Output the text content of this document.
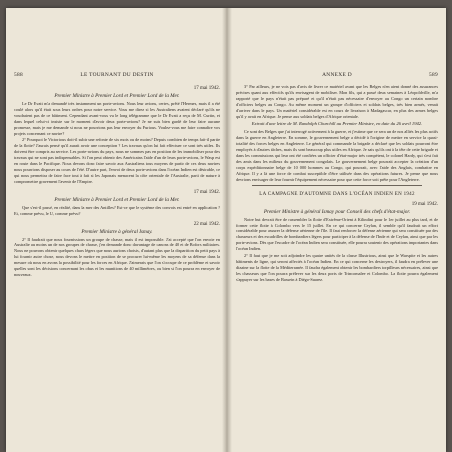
588	LE TOURNANT DU DESTIN

17 mai 1942.

Premier Ministre à Premier Lord et Premier Lord de la Mer.

Le Dr Evatt m'a demandé très instamment un porte-avions. Nous leur avions, certes, prêté l'Hermes, mais il a été coulé alors qu'il était sous leurs ordres pour notre service. Vous me direz si les Australiens avaient déclaré qu'ils ne voudraient pas de ce bâtiment. Cependant avant-vous vu le long télégramme que le Dr Evatt a reçu de M. Curtin, et dans lequel celui-ci insiste sur le moment d'avoir deux porte-avions? Je ne suis bien gardé de leur faire aucune promesse, mais je me demande si nous ne pourrions pas leur envoyer du Furious. Voulez-vous me faire connaître vos projets concernant ce navire?

2° Pourquoi le Victorious doit-il subir une refonte de six mois ou de moins? Depuis combien de temps fait-il partie de la flotte? J'aurais pensé qu'il aurait avoir une conception ? Les travaux qu'on lui fait effectuer ce sont très utiles. Ils doivent être compris au service. Les porte-avions du pays, nous ne sommes pas en position de les immobiliser pour des travaux qui ne sont pas indispensables. Si l'on peut obtenir des Américains l'aide d'un de leurs porte-avions, le Wasp est en route dans le Pacifique. Nous devons donc faire savoir aux Australiens tous moyens de partir de ces deux navires nous pourrions disposer au cours de l'été. D'autre part, l'envoi de deux porte-avions dans l'océan Indien est désirable, ce qui nous permettra de faire face tout à fait si les Japonais menacent la côte orientale de l'Australie, parti de nature à compromettre gravement l'avenir de l'Empire.

17 mai 1942.

Premier Ministre à Premier Lord et Premier Lord de la Mer.

Que s'est-il passé, en réalité, dans la mer des Antilles? Est-ce que le système des convois est entré en application ? Et, comme prévu, le U, comme prévu?

22 mai 1942.

Premier Ministre à général Ismay.

2° Il faudrait que nous fournissions un groupe de chasse, mais il est impossible. J'ai accepté que l'on envoie en Australie au moins un de nos groupes de chasse, j'en demande donc davantage de canons de 40 et de Bofors militaires. Nous ne pouvons obtenir quelques chars légers que nous aurions choisis, d'autant plus que la disparition du petit pays à lui fournir autre chose, nous devons le mettre en position de se procurer lui-même les moyens de sa défense dans la mesure où nous en avons la possibilité pour les forces en Afrique. J'aimerais que l'on s'occupe de ce problème et savoir quelles sont les décisions concernant les obus et les munitions de 40 millimètres, ou bien si l'on pourra en envoyer de nouveaux.

ANNEXE D	589

3° Par ailleurs, je ne vois pas d'avis de livrer ce matériel avant que les Belges n'en aient donné des assurances précises quant aux effectifs qu'ils envisagent de mobiliser. Mon fils, qui a passé deux semaines à Léopoldville, m'a rapporté que le pays n'était pas préparé et qu'il n'était pas nécessaire d'envoyer au Congo un certain nombre d'officiers belges au Congo. Au même moment un groupe d'officiers et soldats belges, très bien armés, venait d'arriver dans le pays. Un matériel considérable est en cours de livraison à Madagascar, en plus des armes belges qu'il y avait en Afrique. Je pense aux soldats belges d'Afrique orientale.

Extrait d'une lettre de M. Randolph Churchill au Premier Ministre, en date du 26 avril 1942.

Ce sont des Belges que j'ai interrogé activement à la guerre, et j'estime que ce sera un de nos alliés les plus actifs dans la guerre en Angleterre. En somme, le gouvernement belge a décidé à l'origine de mettre en service la quasi-totalité des forces belges en Angleterre. Le général qui commande la brigade a déclaré que les soldats pourront être employés à d'autres tâches, mais ils sont beaucoup plus utiles en Afrique. Je sais qu'ils ont à la tête de cette brigade et dans les commissions qui leur ont été confiées un officier d'état-major très compétent, le colonel Hardy, qui s'est fait des amis dans les milieux du gouvernement congolais. Le gouvernement belge pourrait accepter la création d'un corps expéditionnaire belge de 10 000 hommes au Congo, qui pourrait, avec l'aide des Anglais, combattre en Afrique. Il y a là une force de combat susceptible d'être utilisée dans des opérations futures. Je pense que nous devrions envisager de leur fournir l'équipement nécessaire pour que cette force soit prête pour l'Angleterre.

LA CAMPAGNE D'AUTOMNE DANS L'OCÉAN INDIEN EN 1942

19 mai 1942.

Premier Ministre à général Ismay pour Conseil des chefs d'état-major.

Notre but devrait être de rassembler la flotte d'Extrême-Orient à Kilindini pour le 1er juillet au plus tard, et de former cette flotte à Colombo vers le 15 juillet. En ce qui concerne Ceylan, il semble qu'il faudrait un effort considérable pour assurer la défense aérienne de l'île. Il faut renforcer la défense aérienne qui sera constituée par des chasseurs et des escadrilles de bombardiers légers pour participer à la défense de l'Inde et de Ceylan, ainsi que par les porte-avions. Dès que l'escadre de l'océan Indien sera constituée, elle pourra soutenir des opérations importantes dans l'océan Indien.

2° Il faut que je me soit adjoindre les quatre unités de la classe Illustrious, ainsi que le Warspite et les autres bâtiments de ligne, qui seront affectés à l'océan Indien. En ce qui concerne les destroyers, il faudra en prélever une dizaine sur la flotte de la Méditerranée. Il faudra également obtenir les bombardiers torpilleurs nécessaires, ainsi que les chasseurs que l'on pourra prélever sur les deux ports de Trincomalee et Colombo. La flotte pourra également s'appuyer sur les bases de Bassein à Diégo-Suarez.
